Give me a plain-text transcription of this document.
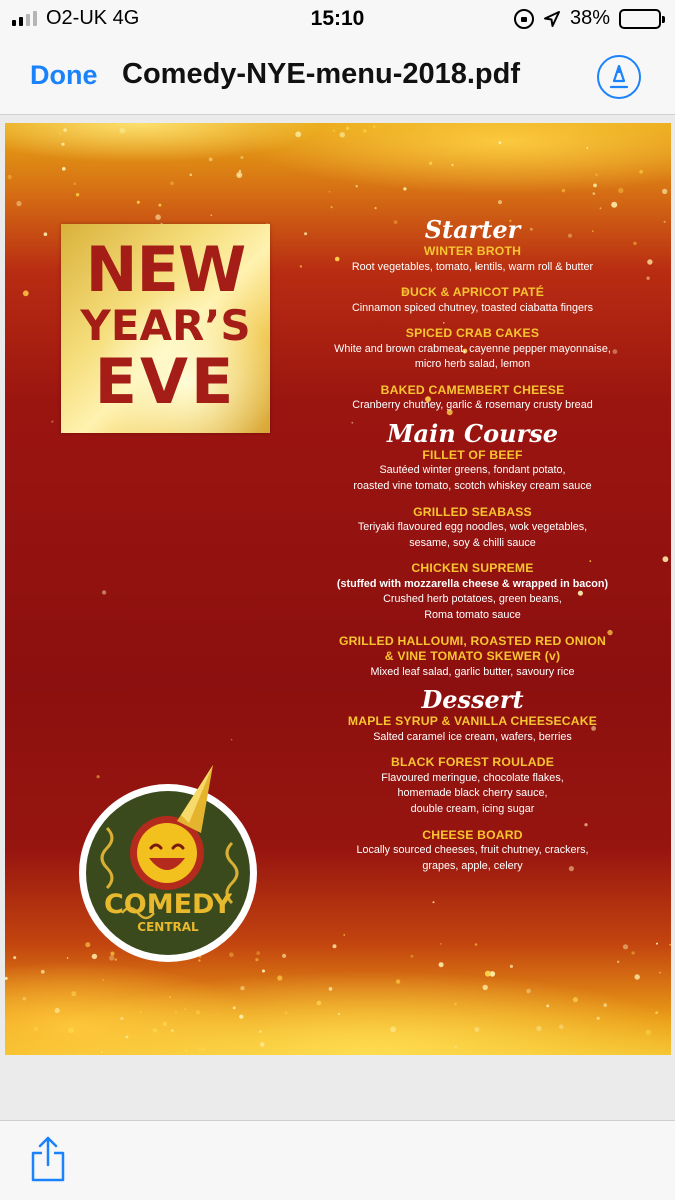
O2-UK 4G	15:10	38%
Done Comedy-NYE-menu-2018.pdf
NEW
YEAR’S
EVE
COMEDY
CENTRAL
Starter
WINTER BROTH
Root vegetables, tomato, lentils, warm roll & butter
DUCK & APRICOT PATÉ
Cinnamon spiced chutney, toasted ciabatta fingers
SPICED CRAB CAKES
White and brown crabmeat, cayenne pepper mayonnaise,
micro herb salad, lemon
BAKED CAMEMBERT CHEESE
Cranberry chutney, garlic & rosemary crusty bread
Main Course
FILLET OF BEEF
Sautéed winter greens, fondant potato,
roasted vine tomato, scotch whiskey cream sauce
GRILLED SEABASS
Teriyaki flavoured egg noodles, wok vegetables,
sesame, soy & chilli sauce
CHICKEN SUPREME
(stuffed with mozzarella cheese & wrapped in bacon)
Crushed herb potatoes, green beans,
Roma tomato sauce
GRILLED HALLOUMI, ROASTED RED ONION
& VINE TOMATO SKEWER (v)
Mixed leaf salad, garlic butter, savoury rice
Dessert
MAPLE SYRUP & VANILLA CHEESECAKE
Salted caramel ice cream, wafers, berries
BLACK FOREST ROULADE
Flavoured meringue, chocolate flakes,
homemade black cherry sauce,
double cream, icing sugar
CHEESE BOARD
Locally sourced cheeses, fruit chutney, crackers,
grapes, apple, celery
